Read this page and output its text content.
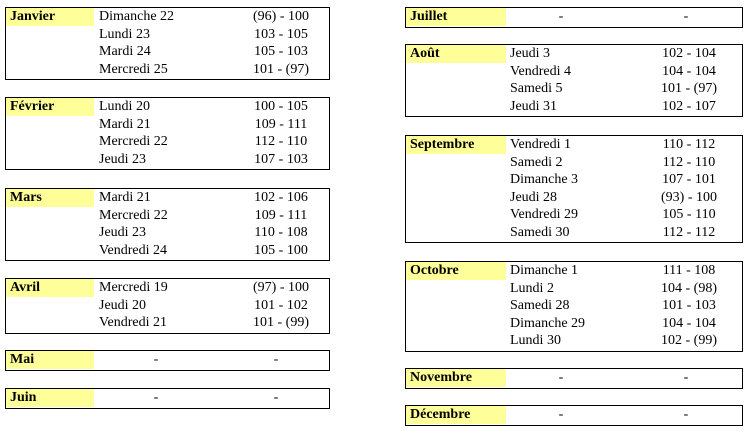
Janvier	Dimanche 22	(96) - 100
Lundi 23	103 - 105
Mardi 24	105 - 103
Mercredi 25	101 - (97)
Février	Lundi 20	100 - 105
Mardi 21	109 - 111
Mercredi 22	112 - 110
Jeudi 23	107 - 103
Mars	Mardi 21	102 - 106
Mercredi 22	109 - 111
Jeudi 23	110 - 108
Vendredi 24	105 - 100
Avril	Mercredi 19	(97) - 100
Jeudi 20	101 - 102
Vendredi 21	101 - (99)
Mai	-	-
Juin	-	-
Juillet	-	-
Août	Jeudi 3	102 - 104
Vendredi 4	104 - 104
Samedi 5	101 - (97)
Jeudi 31	102 - 107
Septembre	Vendredi 1	110 - 112
Samedi 2	112 - 110
Dimanche 3	107 - 101
Jeudi 28	(93) - 100
Vendredi 29	105 - 110
Samedi 30	112 - 112
Octobre	Dimanche 1	111 - 108
Lundi 2	104 - (98)
Samedi 28	101 - 103
Dimanche 29	104 - 104
Lundi 30	102 - (99)
Novembre	-	-
Décembre	-	-
